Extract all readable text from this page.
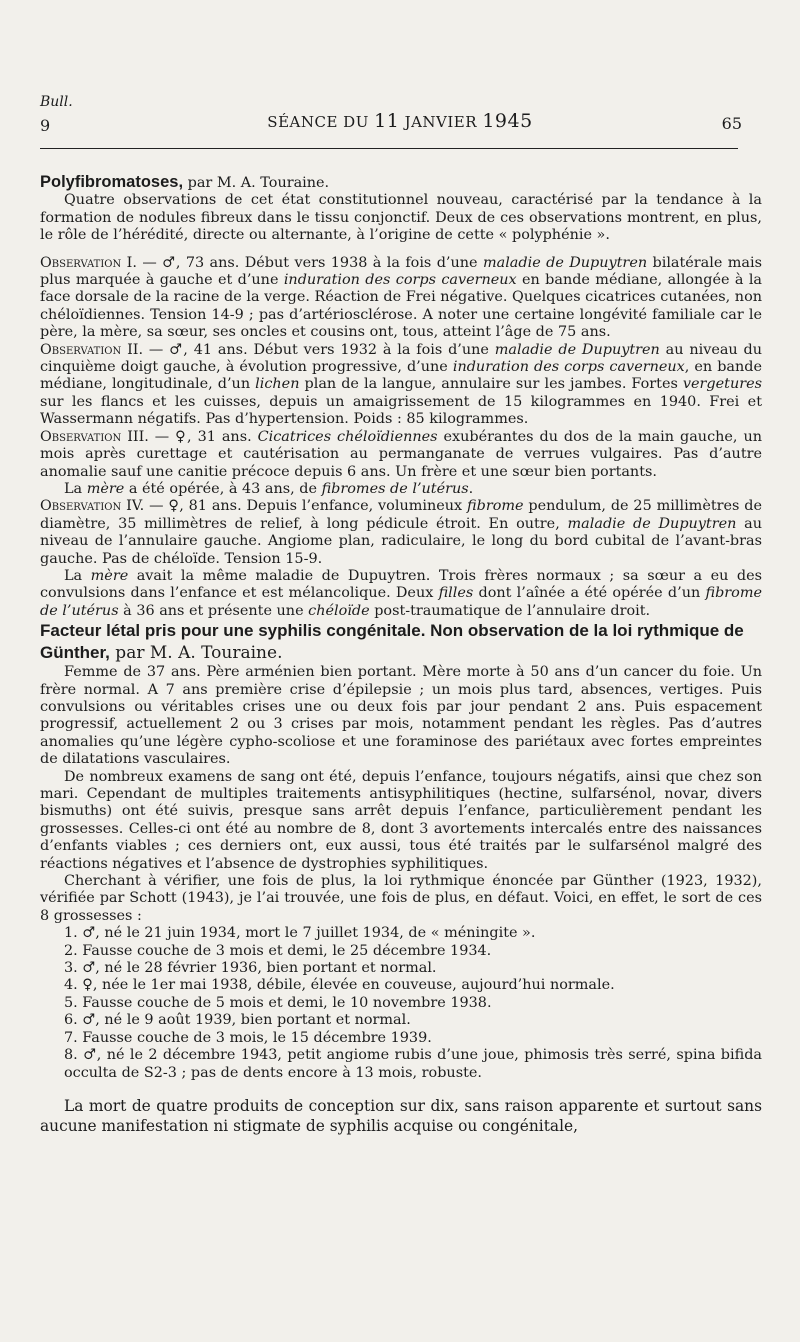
Bull.
9	SÉANCE DU 11 JANVIER 1945	65

Polyfibromatoses, par M. A. Touraine.

Quatre observations de cet état constitutionnel nouveau, caractérisé par la tendance à la formation de nodules fibreux dans le tissu conjonctif. Deux de ces observations montrent, en plus, le rôle de l’hérédité, directe ou alternante, à l’origine de cette « polyphénie ».

Observation I. — ♂, 73 ans. Début vers 1938 à la fois d’une maladie de Dupuytren bilatérale mais plus marquée à gauche et d’une induration des corps caverneux en bande médiane, allongée à la face dorsale de la racine de la verge. Réaction de Frei négative. Quelques cicatrices cutanées, non chéloïdiennes. Tension 14-9 ; pas d’artériosclérose. A noter une certaine longévité familiale car le père, la mère, sa sœur, ses oncles et cousins ont, tous, atteint l’âge de 75 ans.

Observation II. — ♂, 41 ans. Début vers 1932 à la fois d’une maladie de Dupuytren au niveau du cinquième doigt gauche, à évolution progressive, d’une induration des corps caverneux, en bande médiane, longitudinale, d’un lichen plan de la langue, annulaire sur les jambes. Fortes vergetures sur les flancs et les cuisses, depuis un amaigrissement de 15 kilogrammes en 1940. Frei et Wassermann négatifs. Pas d’hypertension. Poids : 85 kilogrammes.

Observation III. — ♀, 31 ans. Cicatrices chéloïdiennes exubérantes du dos de la main gauche, un mois après curettage et cautérisation au permanganate de verrues vulgaires. Pas d’autre anomalie sauf une canitie précoce depuis 6 ans. Un frère et une sœur bien portants.

La mère a été opérée, à 43 ans, de fibromes de l’utérus.

Observation IV. — ♀, 81 ans. Depuis l’enfance, volumineux fibrome pendulum, de 25 millimètres de diamètre, 35 millimètres de relief, à long pédicule étroit. En outre, maladie de Dupuytren au niveau de l’annulaire gauche. Angiome plan, radiculaire, le long du bord cubital de l’avant-bras gauche. Pas de chéloïde. Tension 15-9.

La mère avait la même maladie de Dupuytren. Trois frères normaux ; sa sœur a eu des convulsions dans l’enfance et est mélancolique. Deux filles dont l’aînée a été opérée d’un fibrome de l’utérus à 36 ans et présente une chéloïde post-traumatique de l’annulaire droit.

Facteur létal pris pour une syphilis congénitale. Non observation de la loi rythmique de Günther, par M. A. Touraine.

Femme de 37 ans. Père arménien bien portant. Mère morte à 50 ans d’un cancer du foie. Un frère normal. A 7 ans première crise d’épilepsie ; un mois plus tard, absences, vertiges. Puis convulsions ou véritables crises une ou deux fois par jour pendant 2 ans. Puis espacement progressif, actuellement 2 ou 3 crises par mois, notamment pendant les règles. Pas d’autres anomalies qu’une légère cypho-scoliose et une foraminose des pariétaux avec fortes empreintes de dilatations vasculaires.

De nombreux examens de sang ont été, depuis l’enfance, toujours négatifs, ainsi que chez son mari. Cependant de multiples traitements antisyphilitiques (hectine, sulfarsénol, novar, divers bismuths) ont été suivis, presque sans arrêt depuis l’enfance, particulièrement pendant les grossesses. Celles-ci ont été au nombre de 8, dont 3 avortements intercalés entre des naissances d’enfants viables ; ces derniers ont, eux aussi, tous été traités par le sulfarsénol malgré des réactions négatives et l’absence de dystrophies syphilitiques.

Cherchant à vérifier, une fois de plus, la loi rythmique énoncée par Günther (1923, 1932), vérifiée par Schott (1943), je l’ai trouvée, une fois de plus, en défaut. Voici, en effet, le sort de ces 8 grossesses :

1. ♂, né le 21 juin 1934, mort le 7 juillet 1934, de « méningite ».
2. Fausse couche de 3 mois et demi, le 25 décembre 1934.
3. ♂, né le 28 février 1936, bien portant et normal.
4. ♀, née le 1er mai 1938, débile, élevée en couveuse, aujourd’hui normale.
5. Fausse couche de 5 mois et demi, le 10 novembre 1938.
6. ♂, né le 9 août 1939, bien portant et normal.
7. Fausse couche de 3 mois, le 15 décembre 1939.
8. ♂, né le 2 décembre 1943, petit angiome rubis d’une joue, phimosis très serré, spina bifida occulta de S2-3 ; pas de dents encore à 13 mois, robuste.

La mort de quatre produits de conception sur dix, sans raison apparente et surtout sans aucune manifestation ni stigmate de syphilis acquise ou congénitale,
